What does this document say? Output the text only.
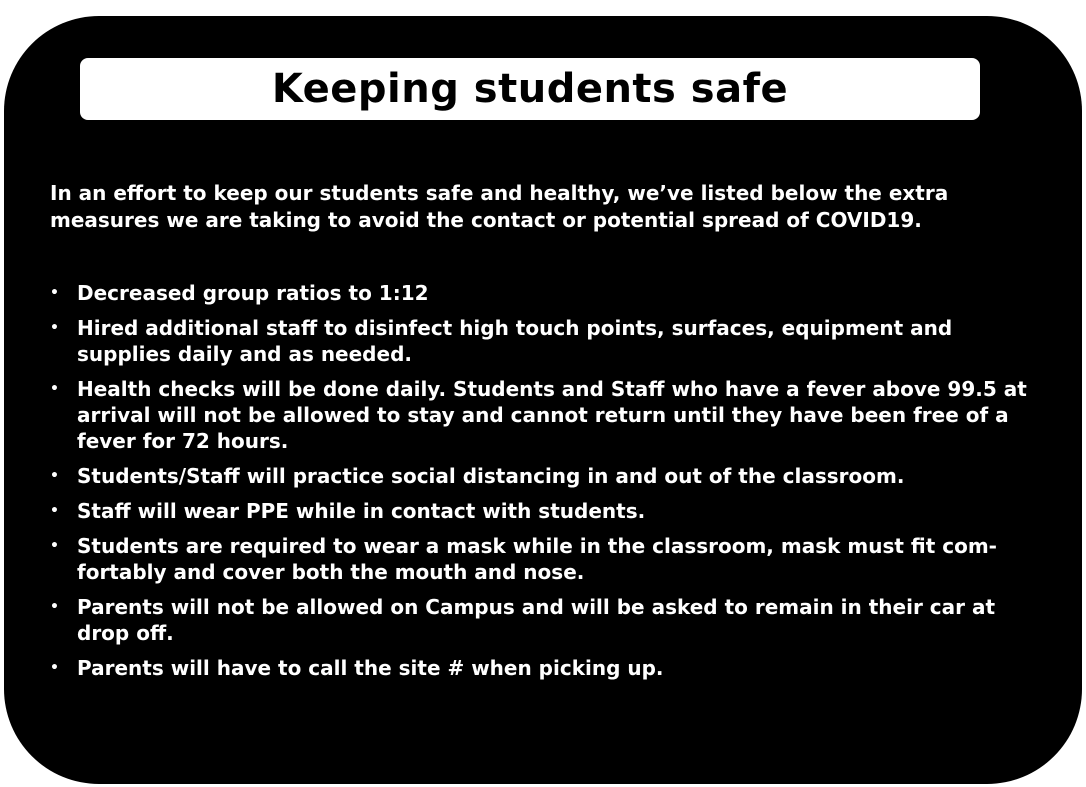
Keeping students safe

In an effort to keep our students safe and healthy, we’ve listed below the extra measures we are taking to avoid the contact or potential spread of COVID19.

• Decreased group ratios to 1:12
• Hired additional staff to disinfect high touch points, surfaces, equipment and supplies daily and as needed.
• Health checks will be done daily. Students and Staff who have a fever above 99.5 at arrival will not be allowed to stay and cannot return until they have been free of a fever for 72 hours.
• Students/Staff will practice social distancing in and out of the classroom.
• Staff will wear PPE while in contact with students.
• Students are required to wear a mask while in the classroom, mask must fit com-fortably and cover both the mouth and nose.
• Parents will not be allowed on Campus and will be asked to remain in their car at drop off.
• Parents will have to call the site # when picking up.
